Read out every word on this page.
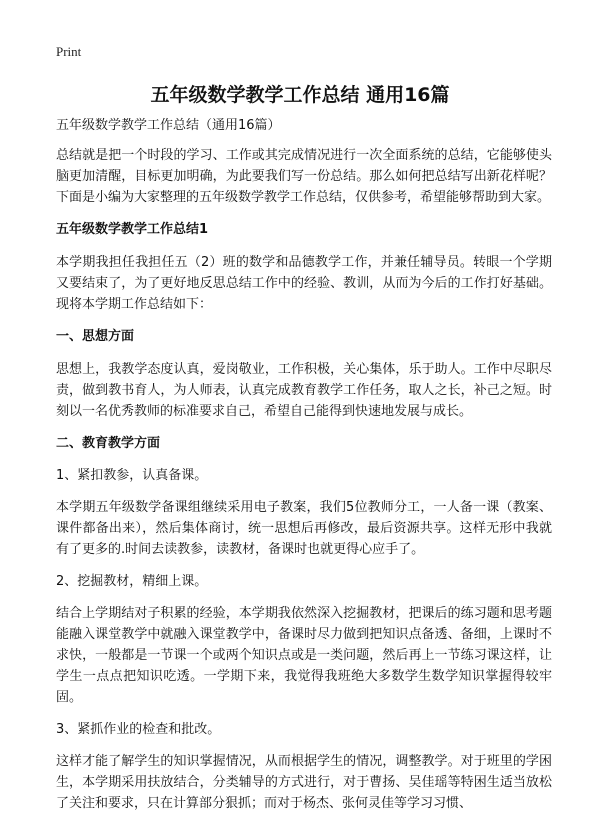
Print
五年级数学教学工作总结 通用16篇

五年级数学教学工作总结（通用16篇）

总结就是把一个时段的学习、工作或其完成情况进行一次全面系统的总结，它能够使头脑更加清醒，目标更加明确，为此要我们写一份总结。那么如何把总结写出新花样呢？下面是小编为大家整理的五年级数学教学工作总结，仅供参考，希望能够帮助到大家。

五年级数学教学工作总结1

本学期我担任我担任五（2）班的数学和品德教学工作，并兼任辅导员。转眼一个学期又要结束了，为了更好地反思总结工作中的经验、教训，从而为今后的工作打好基础。现将本学期工作总结如下：

一、思想方面

思想上，我教学态度认真，爱岗敬业，工作积极，关心集体，乐于助人。工作中尽职尽责，做到教书育人，为人师表，认真完成教育教学工作任务，取人之长，补己之短。时刻以一名优秀教师的标准要求自己，希望自己能得到快速地发展与成长。

二、教育教学方面

1、紧扣教参，认真备课。

本学期五年级数学备课组继续采用电子教案，我们5位教师分工，一人备一课（教案、课件都备出来），然后集体商讨，统一思想后再修改，最后资源共享。这样无形中我就有了更多的.时间去读教参，读教材，备课时也就更得心应手了。

2、挖掘教材，精细上课。

结合上学期结对子积累的经验，本学期我依然深入挖掘教材，把课后的练习题和思考题能融入课堂教学中就融入课堂教学中，备课时尽力做到把知识点备透、备细，上课时不求快，一般都是一节课一个或两个知识点或是一类问题，然后再上一节练习课这样，让学生一点点把知识吃透。一学期下来，我觉得我班绝大多数学生数学知识掌握得较牢固。

3、紧抓作业的检查和批改。

这样才能了解学生的知识掌握情况，从而根据学生的情况，调整教学。对于班里的学困生，本学期采用扶放结合，分类辅导的方式进行，对于曹扬、吴佳瑶等特困生适当放松了关注和要求，只在计算部分狠抓；而对于杨杰、张何灵佳等学习习惯、
